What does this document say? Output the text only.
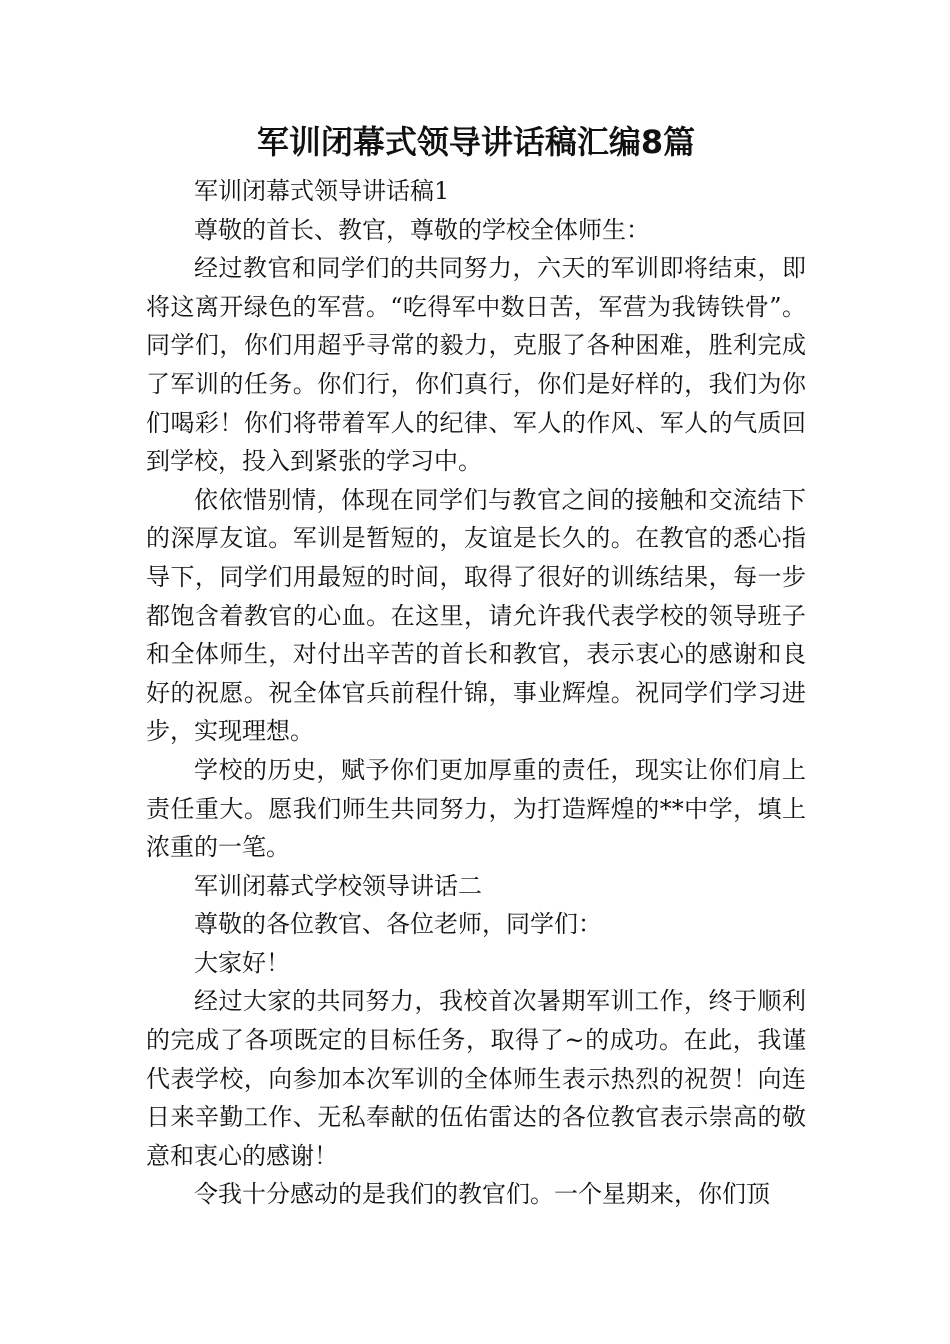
军训闭幕式领导讲话稿汇编8篇

军训闭幕式领导讲话稿1

尊敬的首长、教官，尊敬的学校全体师生：

经过教官和同学们的共同努力，六天的军训即将结束，即将这离开绿色的军营。“吃得军中数日苦，军营为我铸铁骨”。同学们，你们用超乎寻常的毅力，克服了各种困难，胜利完成了军训的任务。你们行，你们真行，你们是好样的，我们为你们喝彩！你们将带着军人的纪律、军人的作风、军人的气质回到学校，投入到紧张的学习中。

依依惜别情，体现在同学们与教官之间的接触和交流结下的深厚友谊。军训是暂短的，友谊是长久的。在教官的悉心指导下，同学们用最短的时间，取得了很好的训练结果，每一步都饱含着教官的心血。在这里，请允许我代表学校的领导班子和全体师生，对付出辛苦的首长和教官，表示衷心的感谢和良好的祝愿。祝全体官兵前程什锦，事业辉煌。祝同学们学习进步，实现理想。

学校的历史，赋予你们更加厚重的责任，现实让你们肩上责任重大。愿我们师生共同努力，为打造辉煌的**中学，填上浓重的一笔。

军训闭幕式学校领导讲话二

尊敬的各位教官、各位老师，同学们：

大家好！

经过大家的共同努力，我校首次暑期军训工作，终于顺利的完成了各项既定的目标任务，取得了~的成功。在此，我谨代表学校，向参加本次军训的全体师生表示热烈的祝贺！向连日来辛勤工作、无私奉献的伍佑雷达的各位教官表示崇高的敬意和衷心的感谢！

令我十分感动的是我们的教官们。一个星期来，你们顶
